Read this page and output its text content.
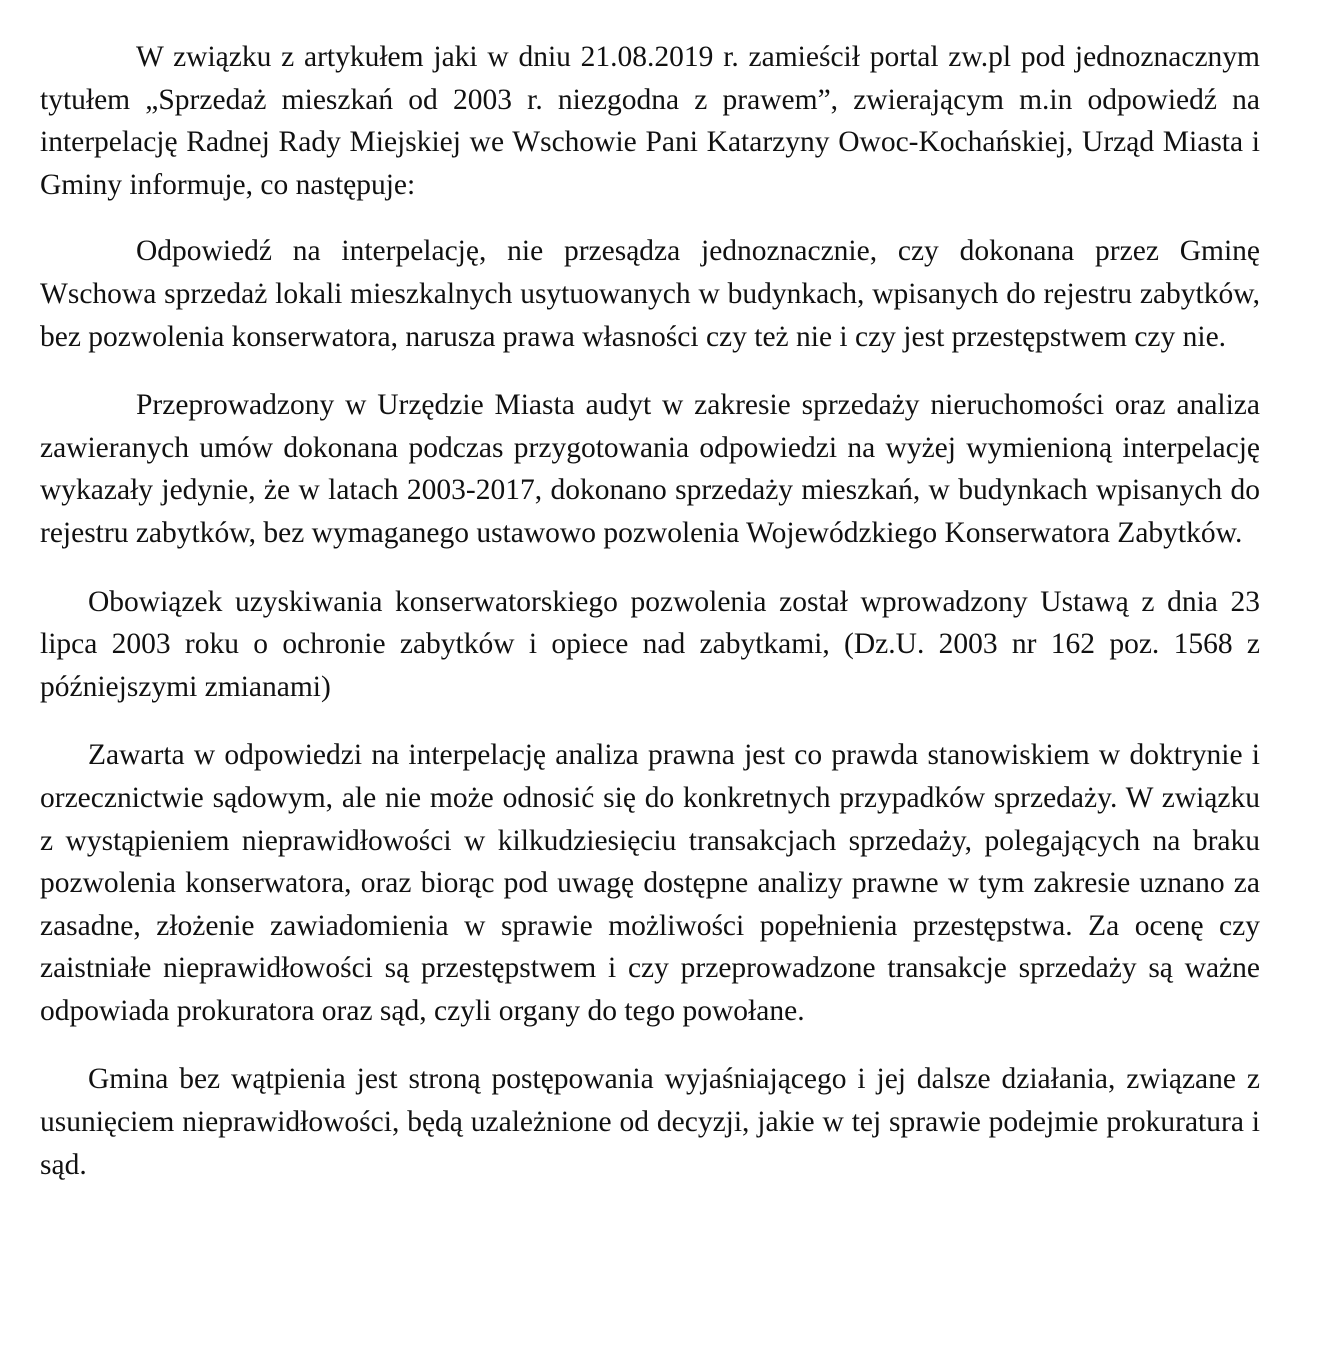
W związku z artykułem jaki w dniu 21.08.2019 r. zamieścił portal zw.pl pod jednoznacznym tytułem „Sprzedaż mieszkań od 2003 r. niezgodna z prawem”, zwierającym m.in odpowiedź na interpelację Radnej Rady Miejskiej we Wschowie Pani Katarzyny Owoc-Kochańskiej, Urząd Miasta i Gminy informuje, co następuje:

Odpowiedź na interpelację, nie przesądza jednoznacznie, czy dokonana przez Gminę Wschowa sprzedaż lokali mieszkalnych usytuowanych w budynkach, wpisanych do rejestru zabytków, bez pozwolenia konserwatora, narusza prawa własności czy też nie i czy jest przestępstwem czy nie.

Przeprowadzony w Urzędzie Miasta audyt w zakresie sprzedaży nieruchomości oraz analiza zawieranych umów dokonana podczas przygotowania odpowiedzi na wyżej wymienioną interpelację wykazały jedynie, że w latach 2003-2017, dokonano sprzedaży mieszkań, w budynkach wpisanych do rejestru zabytków, bez wymaganego ustawowo pozwolenia Wojewódzkiego Konserwatora Zabytków.

Obowiązek uzyskiwania konserwatorskiego pozwolenia został wprowadzony Ustawą z dnia 23 lipca 2003 roku o ochronie zabytków i opiece nad zabytkami, (Dz.U. 2003 nr 162 poz. 1568 z późniejszymi zmianami)

Zawarta w odpowiedzi na interpelację analiza prawna jest co prawda stanowiskiem w doktrynie i orzecznictwie sądowym, ale nie może odnosić się do konkretnych przypadków sprzedaży. W związku z wystąpieniem nieprawidłowości w kilkudziesięciu transakcjach sprzedaży, polegających na braku pozwolenia konserwatora, oraz biorąc pod uwagę dostępne analizy prawne w tym zakresie uznano za zasadne, złożenie zawiadomienia w sprawie możliwości popełnienia przestępstwa. Za ocenę czy zaistniałe nieprawidłowości są przestępstwem i czy przeprowadzone transakcje sprzedaży są ważne odpowiada prokuratora oraz sąd, czyli organy do tego powołane.

Gmina bez wątpienia jest stroną postępowania wyjaśniającego i jej dalsze działania, związane z usunięciem nieprawidłowości, będą uzależnione od decyzji, jakie w tej sprawie podejmie prokuratura i sąd.
